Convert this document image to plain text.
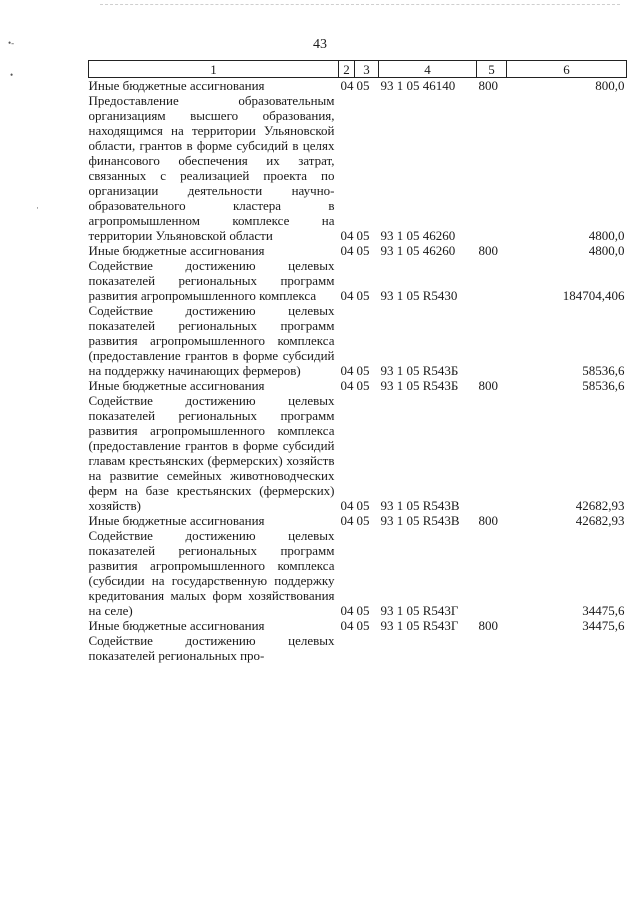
•‐
•
·
43
1	2	3	4	5	6
Иные бюджетные ассигнования	04	05	93 1 05 46140	800	800,0
Предоставление образовательным организациям высшего образования, находящимся на территории Ульяновской области, грантов в форме субсидий в целях финансового обеспечения их затрат, связанных с реализацией проекта по организации деятельности научно-образовательного кластера в агропромышленном комплексе на территории Ульяновской области	04	05	93 1 05 46260		4800,0
Иные бюджетные ассигнования	04	05	93 1 05 46260	800	4800,0
Содействие достижению целевых показателей региональных программ развития агропромышленного комплекса	04	05	93 1 05 R5430		184704,406
Содействие достижению целевых показателей региональных программ развития агропромышленного комплекса (предоставление грантов в форме субсидий на поддержку начинающих фермеров)	04	05	93 1 05 R543Б		58536,6
Иные бюджетные ассигнования	04	05	93 1 05 R543Б	800	58536,6
Содействие достижению целевых показателей региональных программ развития агропромышленного комплекса (предоставление грантов в форме субсидий главам крестьянских (фермерских) хозяйств на развитие семейных животноводческих ферм на базе крестьянских (фермерских) хозяйств)	04	05	93 1 05 R543В		42682,93
Иные бюджетные ассигнования	04	05	93 1 05 R543В	800	42682,93
Содействие достижению целевых показателей региональных программ развития агропромышленного комплекса (субсидии на государственную поддержку кредитования малых форм хозяйствования на селе)	04	05	93 1 05 R543Г		34475,6
Иные бюджетные ассигнования	04	05	93 1 05 R543Г	800	34475,6
Содействие достижению целевых показателей региональных про-					
